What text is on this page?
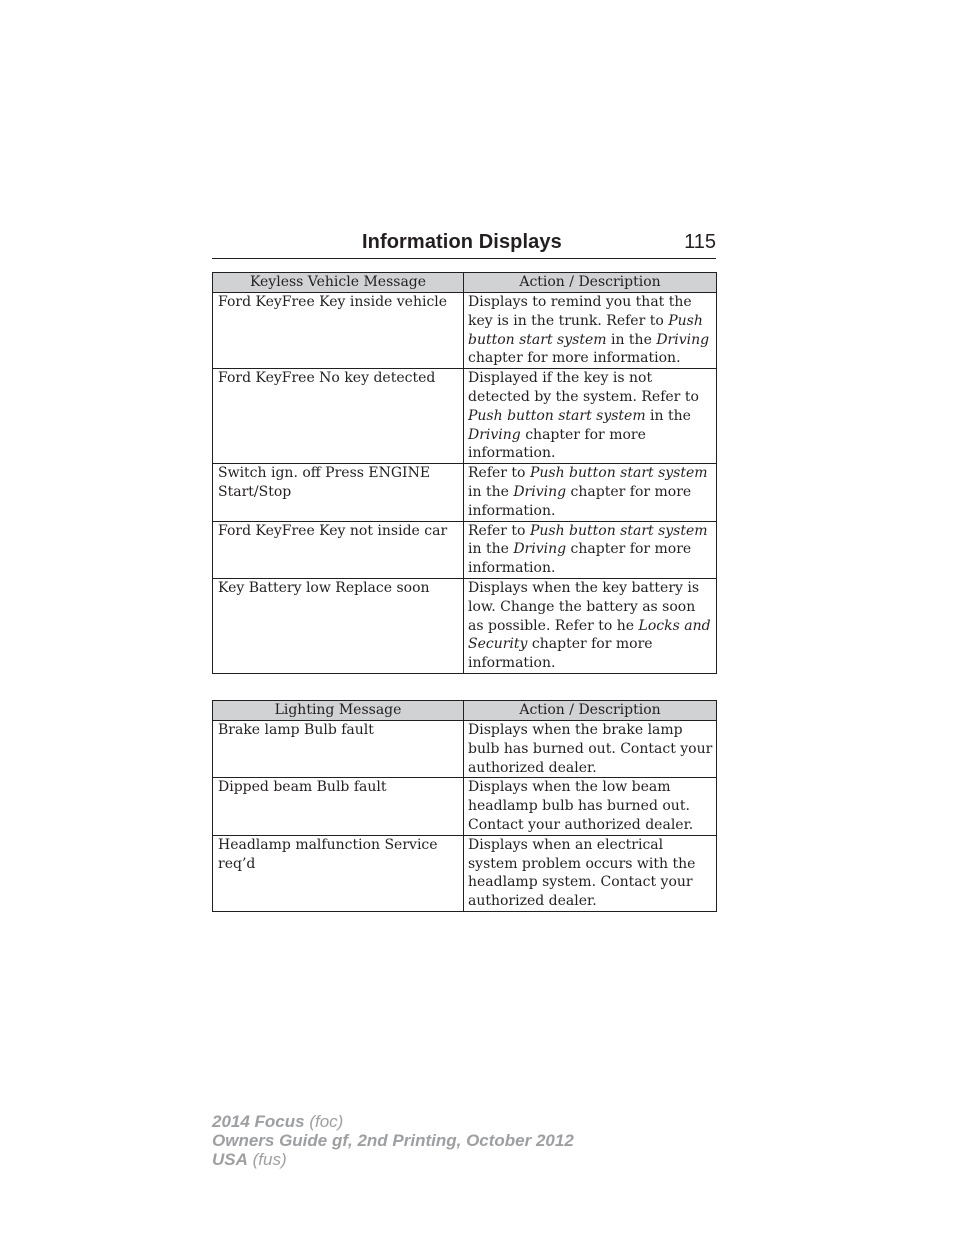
Information Displays	115
Keyless Vehicle Message	Action / Description
Ford KeyFree Key inside vehicle	Displays to remind you that the key is in the trunk. Refer to Push button start system in the Driving chapter for more information.
Ford KeyFree No key detected	Displayed if the key is not detected by the system. Refer to Push button start system in the Driving chapter for more information.
Switch ign. off Press ENGINE Start/Stop	Refer to Push button start system in the Driving chapter for more information.
Ford KeyFree Key not inside car	Refer to Push button start system in the Driving chapter for more information.
Key Battery low Replace soon	Displays when the key battery is low. Change the battery as soon as possible. Refer to he Locks and Security chapter for more information.
Lighting Message	Action / Description
Brake lamp Bulb fault	Displays when the brake lamp bulb has burned out. Contact your authorized dealer.
Dipped beam Bulb fault	Displays when the low beam headlamp bulb has burned out. Contact your authorized dealer.
Headlamp malfunction Service req’d	Displays when an electrical system problem occurs with the headlamp system. Contact your authorized dealer.
2014 Focus (foc)
Owners Guide gf, 2nd Printing, October 2012
USA (fus)
